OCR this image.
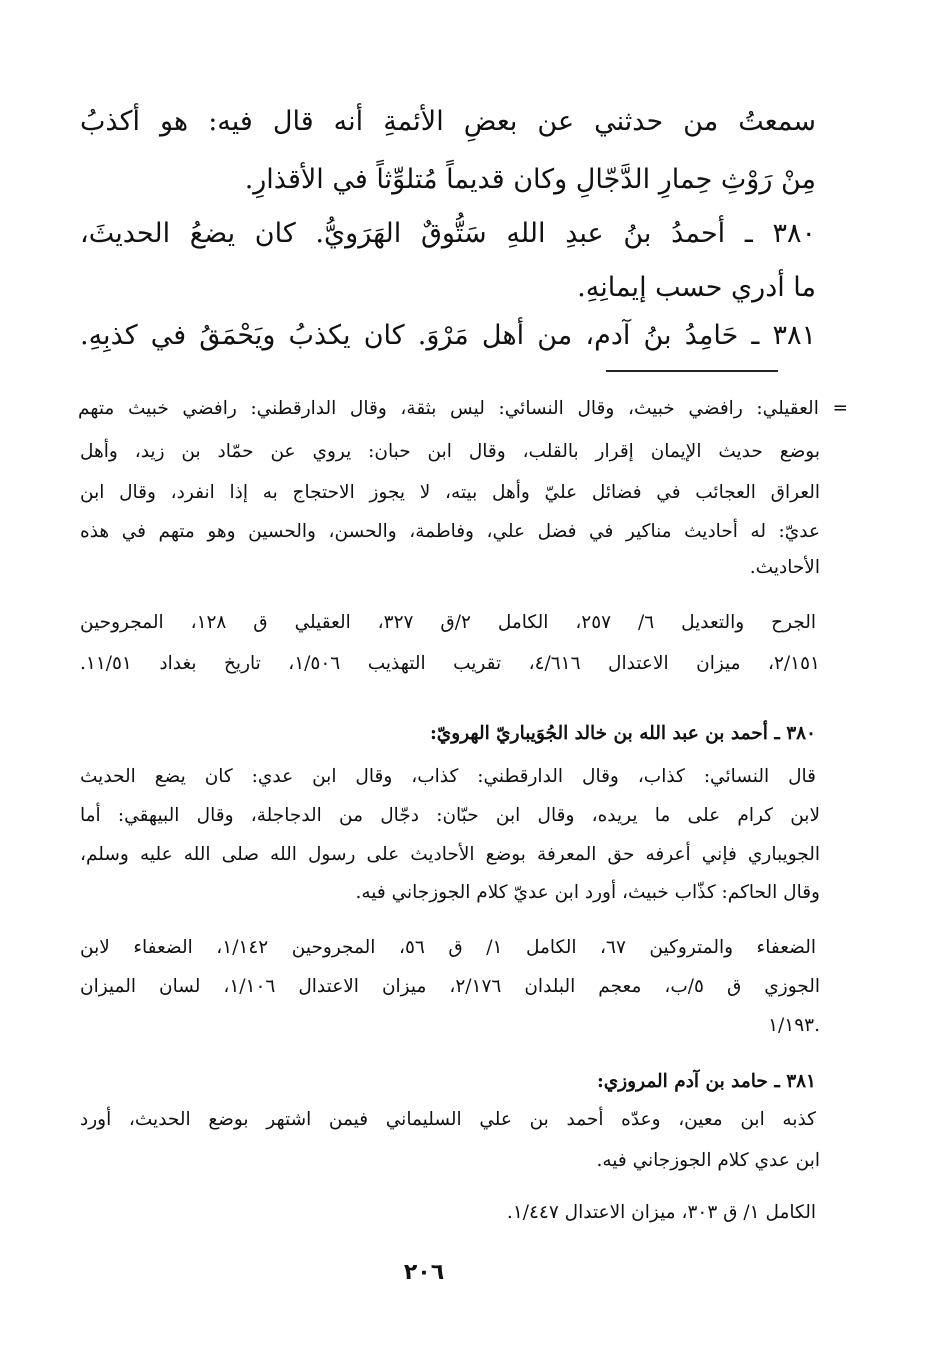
سمعتُ من حدثني عن بعضِ الأئمةِ أنه قال فيه: هو أكذبُ
مِنْ رَوْثِ حِمارِ الدَّجّالِ وكان قديماً مُتلوِّثاً في الأقذارِ.
٣٨٠ ـ أحمدُ بنُ عبدِ اللهِ سَتُّوقٌ الهَرَويُّ. كان يضعُ الحديثَ،
ما أدري حسب إيمانِهِ.
٣٨١ ـ حَامِدُ بنُ آدم، من أهل مَرْوَ. كان يكذبُ ويَحْمَقُ في كذبِهِ.
= العقيلي: رافضي خبيث، وقال النسائي: ليس بثقة، وقال الدارقطني: رافضي خبيث متهم
بوضع حديث الإيمان إقرار بالقلب، وقال ابن حبان: يروي عن حمّاد بن زيد، وأهل
العراق العجائب في فضائل عليّ وأهل بيته، لا يجوز الاحتجاج به إذا انفرد، وقال ابن
عديّ: له أحاديث مناكير في فضل علي، وفاطمة، والحسن، والحسين وهو متهم في هذه
الأحاديث.
الجرح والتعديل ٦/ ٢٥٧، الكامل ٢/ق ٣٢٧، العقيلي ق ١٢٨، المجروحين
٢/١٥١، ميزان الاعتدال ٤/٦١٦، تقريب التهذيب ١/٥٠٦، تاريخ بغداد ١١/٥١.
٣٨٠ ـ أحمد بن عبد الله بن خالد الجُوَيباريّ الهرويّ:
قال النسائي: كذاب، وقال الدارقطني: كذاب، وقال ابن عدي: كان يضع الحديث
لابن كرام على ما يريده، وقال ابن حبّان: دجّال من الدجاجلة، وقال البيهقي: أما
الجويباري فإني أعرفه حق المعرفة بوضع الأحاديث على رسول الله صلى الله عليه وسلم،
وقال الحاكم: كذّاب خبيث، أورد ابن عديّ كلام الجوزجاني فيه.
الضعفاء والمتروكين ٦٧، الكامل ١/ ق ٥٦، المجروحين ١/١٤٢، الضعفاء لابن
الجوزي ق ٥/ب، معجم البلدان ٢/١٧٦، ميزان الاعتدال ١/١٠٦، لسان الميزان
١/١٩٣.
٣٨١ ـ حامد بن آدم المروزي:
كذبه ابن معين، وعدّه أحمد بن علي السليماني فيمن اشتهر بوضع الحديث، أورد
ابن عدي كلام الجوزجاني فيه.
الكامل ١/ ق ٣٠٣، ميزان الاعتدال ١/٤٤٧.
٢٠٦
